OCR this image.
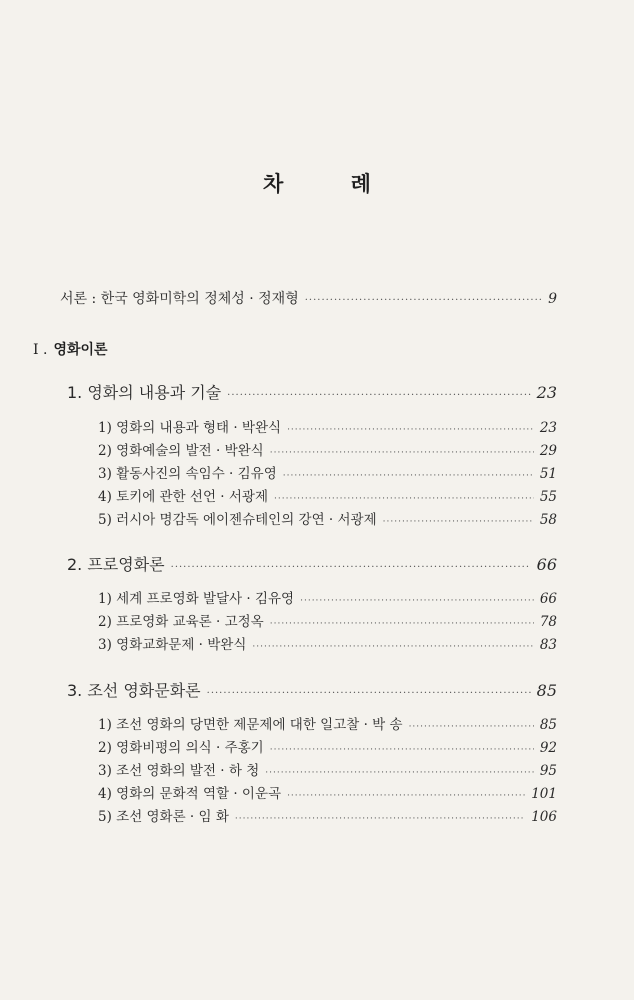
차 례
서론 : 한국 영화미학의 정체성 · 정재형 ·····	9
I . 영화이론
1. 영화의 내용과 기술 ·····	23
1) 영화의 내용과 형태 · 박완식 ·····	23
2) 영화예술의 발전 · 박완식 ·····	29
3) 활동사진의 속임수 · 김유영 ·····	51
4) 토키에 관한 선언 · 서광제 ·····	55
5) 러시아 명감독 에이젠슈테인의 강연 · 서광제 ·····	58
2. 프로영화론 ·····	66
1) 세계 프로영화 발달사 · 김유영 ·····	66
2) 프로영화 교육론 · 고정옥 ·····	78
3) 영화교화문제 · 박완식 ·····	83
3. 조선 영화문화론 ·····	85
1) 조선 영화의 당면한 제문제에 대한 일고찰 · 박 송 ·····	85
2) 영화비평의 의식 · 주홍기 ·····	92
3) 조선 영화의 발전 · 하 청 ·····	95
4) 영화의 문화적 역할 · 이운곡 ·····	101
5) 조선 영화론 · 임 화 ·····	106
